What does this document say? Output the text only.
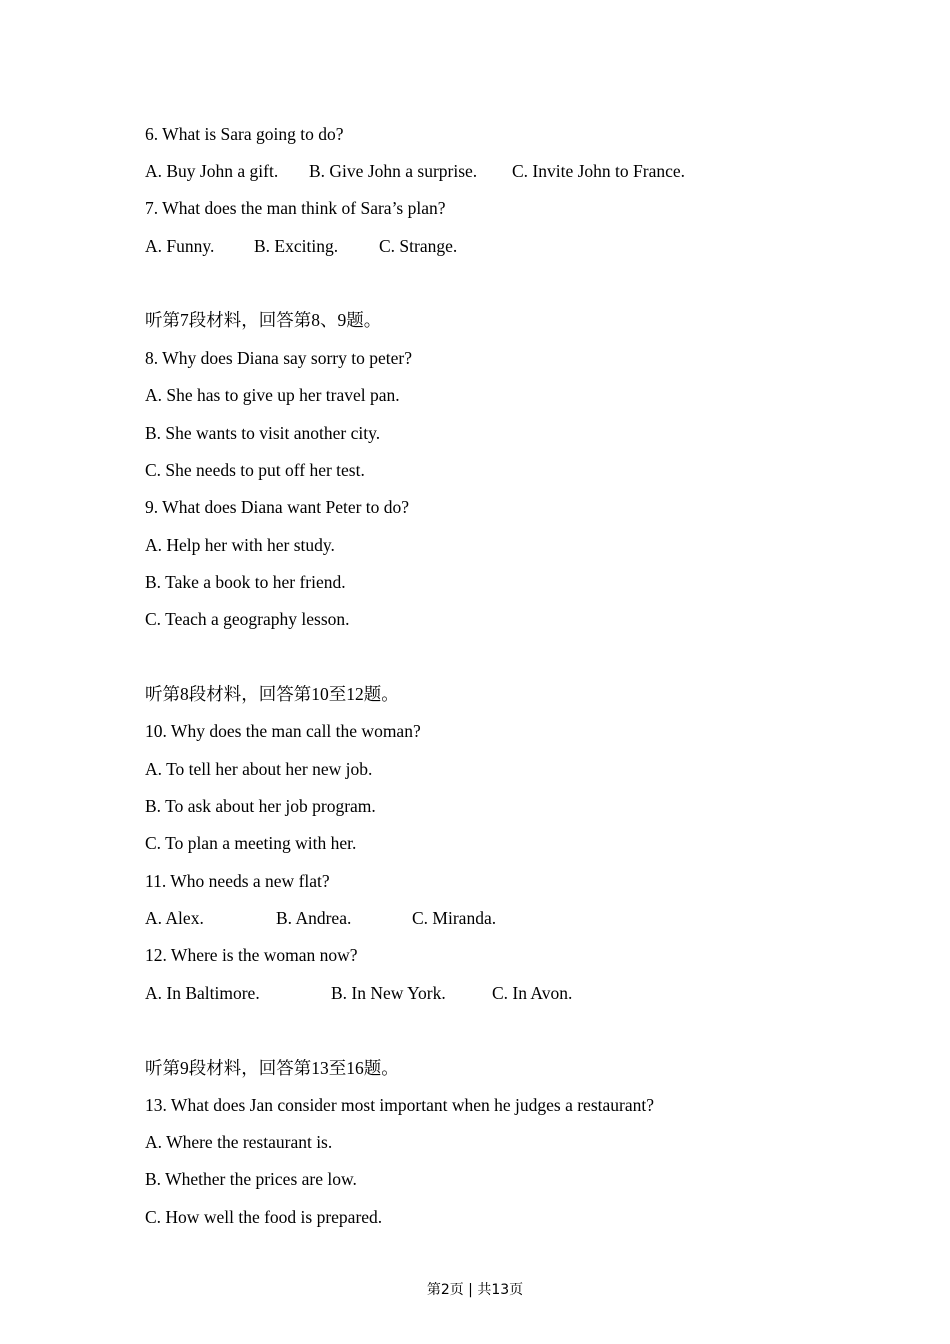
6. What is Sara going to do?
A. Buy John a gift.	B. Give John a surprise.	C. Invite John to France.
7. What does the man think of Sara’s plan?
A. Funny.	B. Exciting.	C. Strange.
听第7段材料，回答第8、9题。
8. Why does Diana say sorry to peter?
A. She has to give up her travel pan.
B. She wants to visit another city.
C. She needs to put off her test.
9. What does Diana want Peter to do?
A. Help her with her study.
B. Take a book to her friend.
C. Teach a geography lesson.
听第8段材料，回答第10至12题。
10. Why does the man call the woman?
A. To tell her about her new job.
B. To ask about her job program.
C. To plan a meeting with her.
11. Who needs a new flat?
A. Alex.	B. Andrea.	C. Miranda.
12. Where is the woman now?
A. In Baltimore.	B. In New York.	C. In Avon.
听第9段材料，回答第13至16题。
13. What does Jan consider most important when he judges a restaurant?
A. Where the restaurant is.
B. Whether the prices are low.
C. How well the food is prepared.
第2页 | 共13页
